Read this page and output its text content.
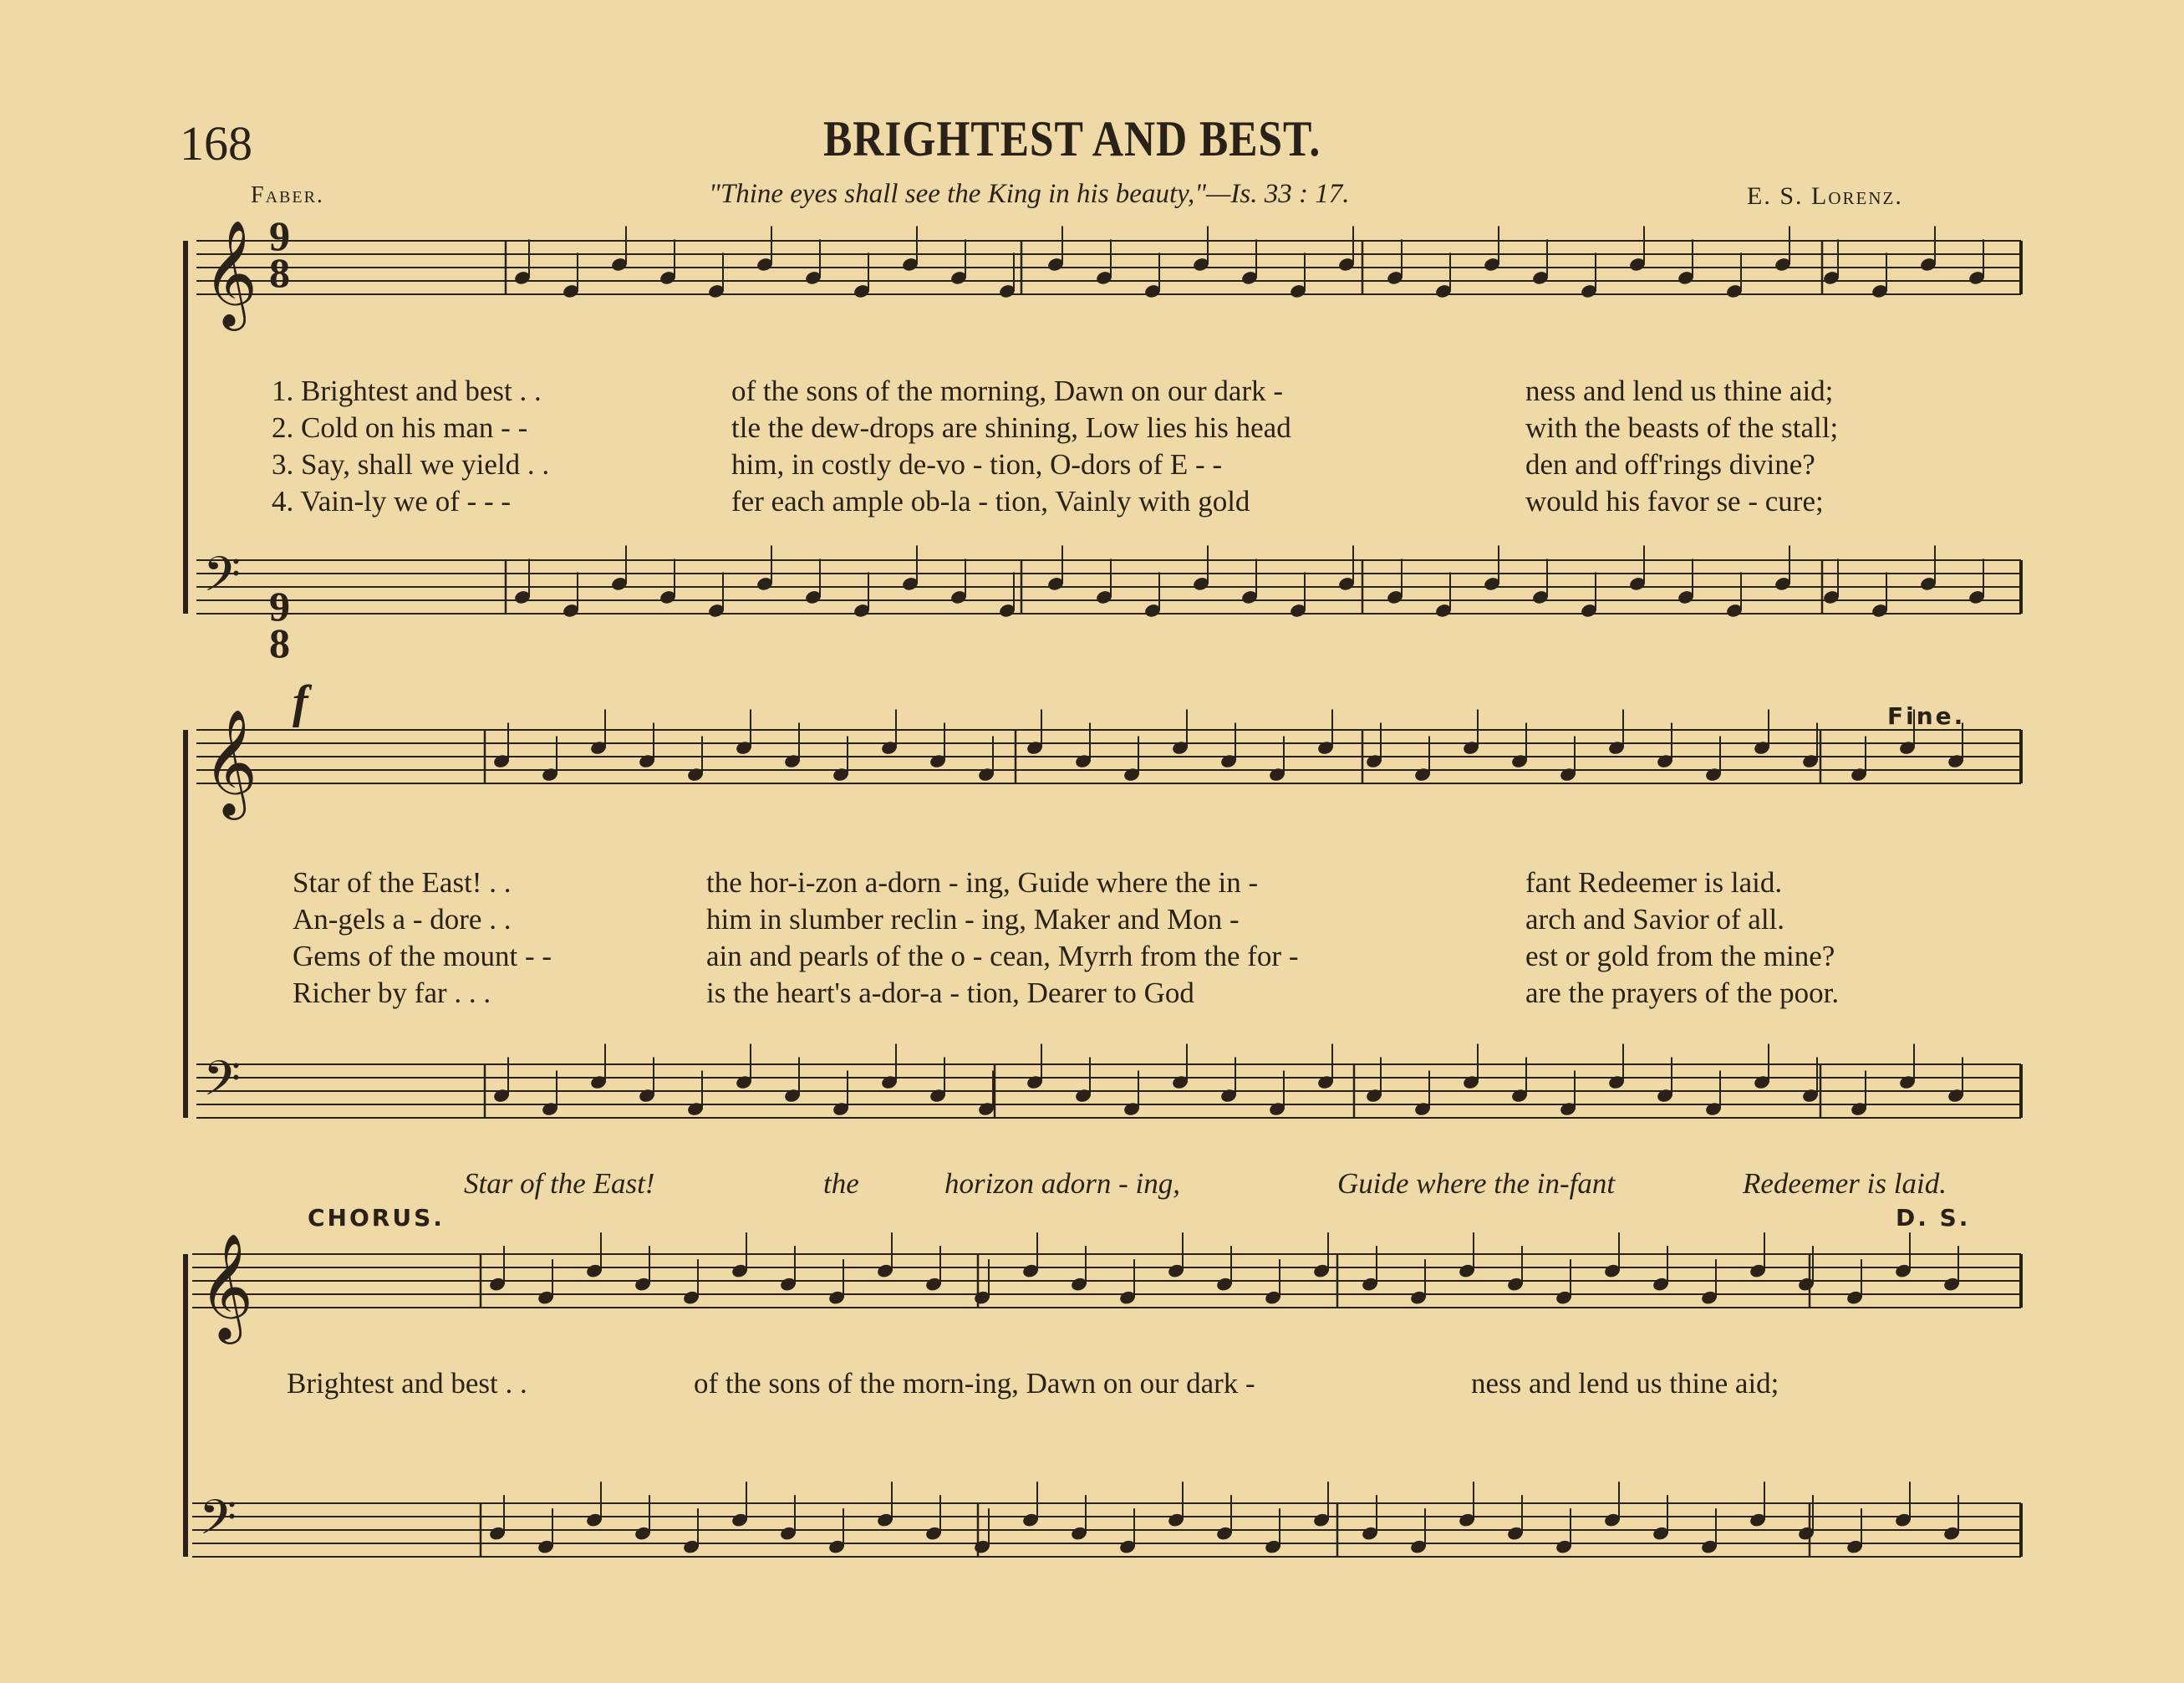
168	BRIGHTEST AND BEST.
Faber.	"Thine eyes shall see the King in his beauty,"—Is. 33 : 17.	E. S. Lorenz.
𝄞
𝄢
𝄞
𝄢
𝄞
𝄢
9
8
9
8
1. Brightest and best . .	of the sons of the morning, Dawn on our dark -	ness and lend us thine aid;
2. Cold on his man - -	tle the dew-drops are shining, Low lies his head	with the beasts of the stall;
3. Say, shall we yield . .	him, in costly de-vo - tion, O-dors of E - -	den and off'rings divine?
4. Vain-ly we of - - -	fer each ample ob-la - tion, Vainly with gold	would his favor se - cure;
f	Fine.
Star of the East! . .	the hor-i-zon a-dorn - ing, Guide where the in -	fant Redeemer is laid.
An-gels a - dore . .	him in slumber reclin - ing, Maker and Mon -	arch and Savior of all.
Gems of the mount - -	ain and pearls of the o - cean, Myrrh from the for -	est or gold from the mine?
Richer by far . . .	is the heart's a-dor-a - tion, Dearer to God	are the prayers of the poor.
Star of the East!	the	horizon adorn - ing,	Guide where the in-fant	Redeemer is laid.
CHORUS.	D. S.
Brightest and best . .	of the sons of the morn-ing, Dawn on our dark -	ness and lend us thine aid;
